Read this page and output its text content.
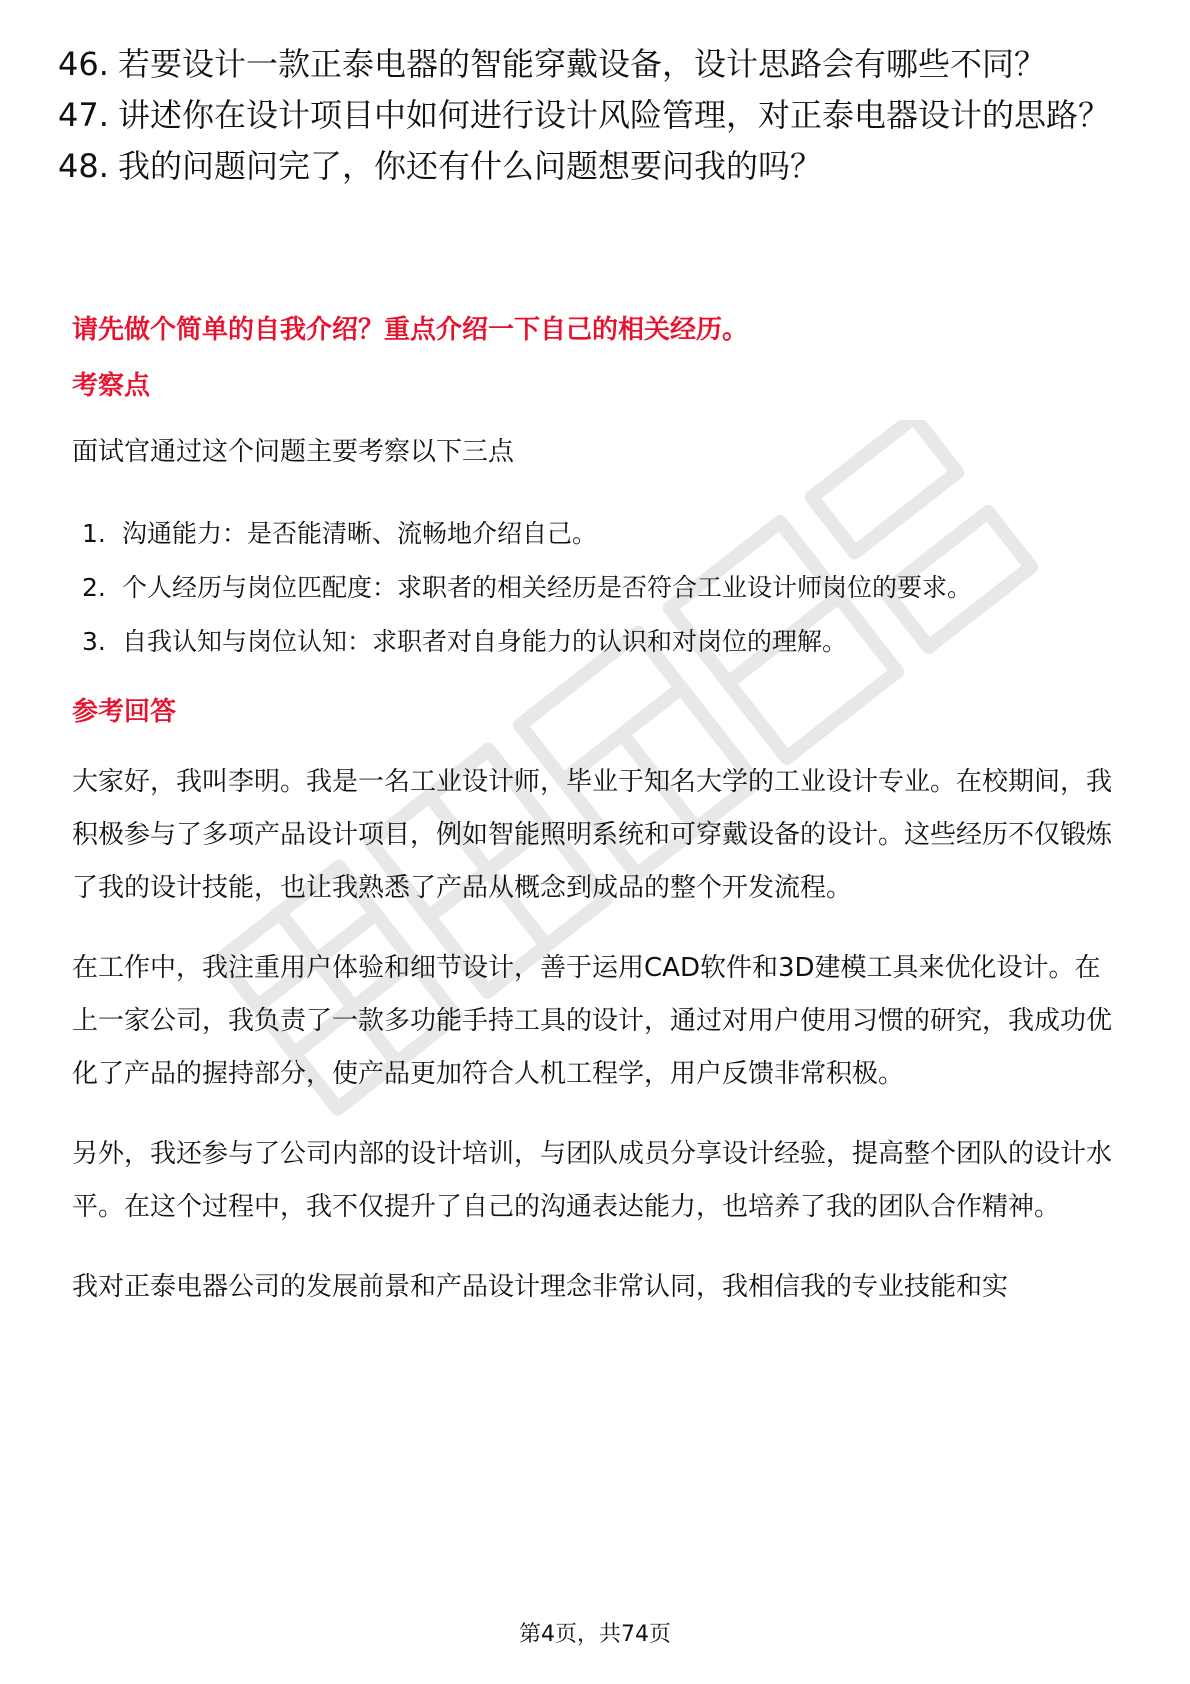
46. 若要设计一款正泰电器的智能穿戴设备，设计思路会有哪些不同？
47. 讲述你在设计项目中如何进行设计风险管理，对正泰电器设计的思路？
48. 我的问题问完了，你还有什么问题想要问我的吗？
请先做个简单的自我介绍？重点介绍一下自己的相关经历。
考察点
面试官通过这个问题主要考察以下三点
1. 沟通能力：是否能清晰、流畅地介绍自己。
2. 个人经历与岗位匹配度：求职者的相关经历是否符合工业设计师岗位的要求。
3. 自我认知与岗位认知：求职者对自身能力的认识和对岗位的理解。
参考回答

大家好，我叫李明。我是一名工业设计师，毕业于知名大学的工业设计专业。在校期间，我积极参与了多项产品设计项目，例如智能照明系统和可穿戴设备的设计。这些经历不仅锻炼了我的设计技能，也让我熟悉了产品从概念到成品的整个开发流程。

在工作中，我注重用户体验和细节设计，善于运用CAD软件和3D建模工具来优化设计。在上一家公司，我负责了一款多功能手持工具的设计，通过对用户使用习惯的研究，我成功优化了产品的握持部分，使产品更加符合人机工程学，用户反馈非常积极。

另外，我还参与了公司内部的设计培训，与团队成员分享设计经验，提高整个团队的设计水平。在这个过程中，我不仅提升了自己的沟通表达能力，也培养了我的团队合作精神。

我对正泰电器公司的发展前景和产品设计理念非常认同，我相信我的专业技能和实

第4页，共74页
